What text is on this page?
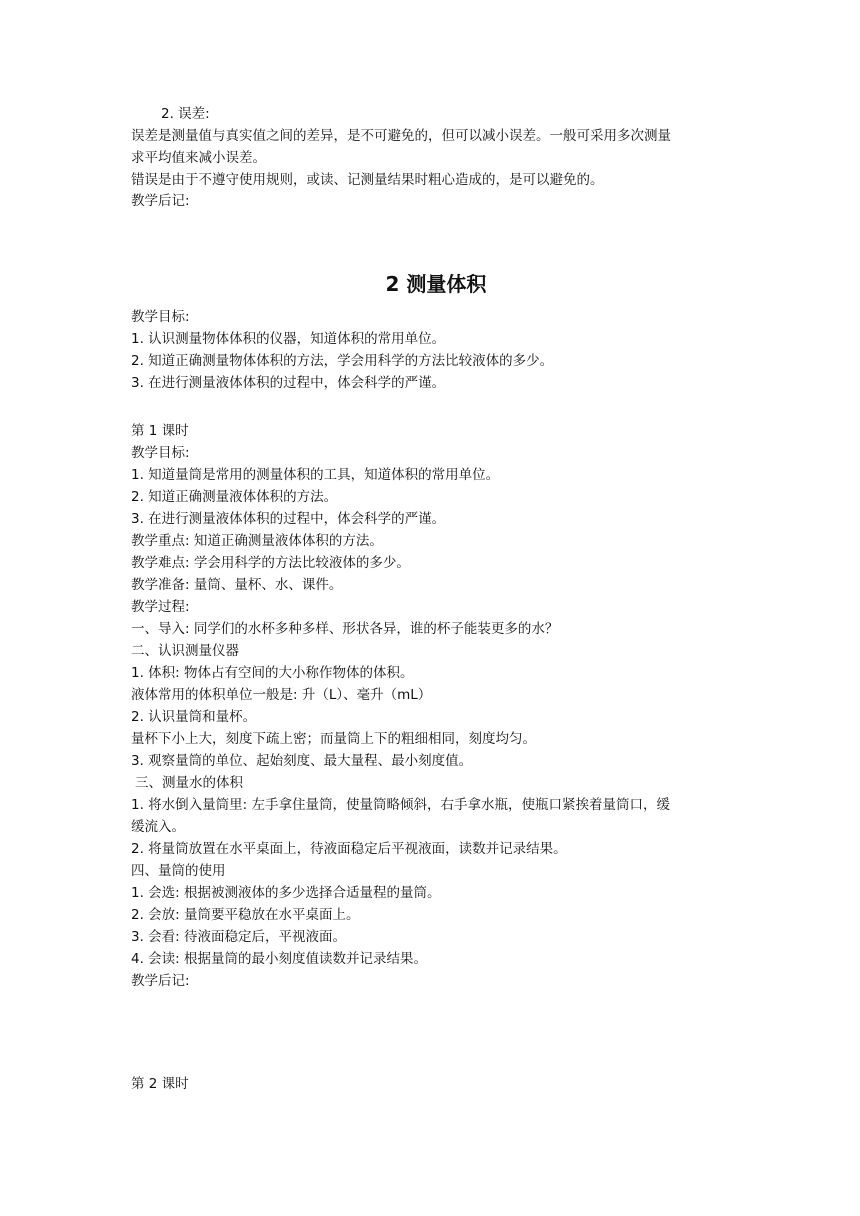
2. 误差:
误差是测量值与真实值之间的差异，是不可避免的，但可以减小误差。一般可采用多次测量
求平均值来减小误差。
错误是由于不遵守使用规则，或读、记测量结果时粗心造成的，是可以避免的。
教学后记:
2 测量体积
教学目标:
1. 认识测量物体体积的仪器，知道体积的常用单位。
2. 知道正确测量物体体积的方法，学会用科学的方法比较液体的多少。
3. 在进行测量液体体积的过程中，体会科学的严谨。
第 1 课时
教学目标:
1. 知道量筒是常用的测量体积的工具，知道体积的常用单位。
2. 知道正确测量液体体积的方法。
3. 在进行测量液体体积的过程中，体会科学的严谨。
教学重点: 知道正确测量液体体积的方法。
教学难点: 学会用科学的方法比较液体的多少。
教学准备: 量筒、量杯、水、课件。
教学过程:
一、导入: 同学们的水杯多种多样、形状各异，谁的杯子能装更多的水？
二、认识测量仪器
1. 体积: 物体占有空间的大小称作物体的体积。
液体常用的体积单位一般是: 升（L）、毫升（mL）
2. 认识量筒和量杯。
量杯下小上大，刻度下疏上密；而量筒上下的粗细相同，刻度均匀。
3. 观察量筒的单位、起始刻度、最大量程、最小刻度值。
三、测量水的体积
1. 将水倒入量筒里: 左手拿住量筒，使量筒略倾斜，右手拿水瓶，使瓶口紧挨着量筒口，缓
缓流入。
2. 将量筒放置在水平桌面上，待液面稳定后平视液面，读数并记录结果。
四、量筒的使用
1. 会选: 根据被测液体的多少选择合适量程的量筒。
2. 会放: 量筒要平稳放在水平桌面上。
3. 会看: 待液面稳定后，平视液面。
4. 会读: 根据量筒的最小刻度值读数并记录结果。
教学后记:
第 2 课时
